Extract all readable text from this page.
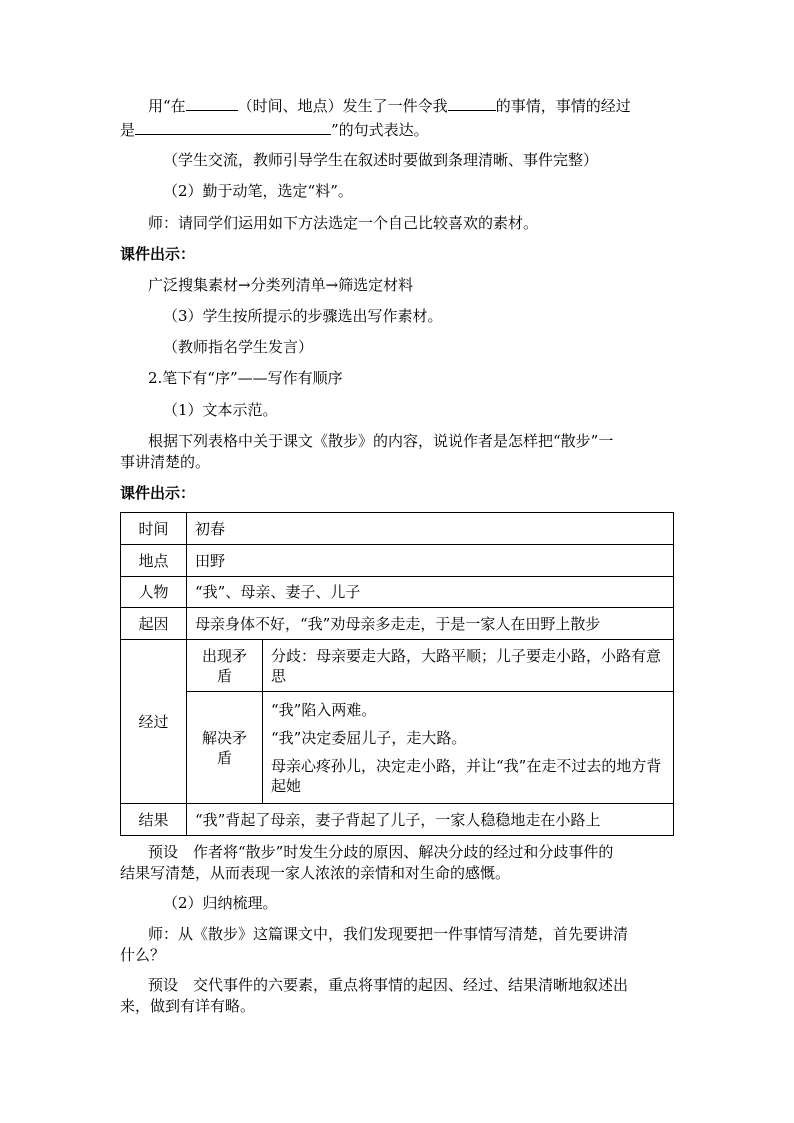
用“在	（时间、地点）发生了一件令我	的事情，事情的经过
是	”的句式表达。
（学生交流，教师引导学生在叙述时要做到条理清晰、事件完整）
（2）勤于动笔，选定“料”。
师：请同学们运用如下方法选定一个自己比较喜欢的素材。
课件出示：
广泛搜集素材→分类列清单→筛选定材料
（3）学生按所提示的步骤选出写作素材。
（教师指名学生发言）
2.笔下有“序”——写作有顺序
（1）文本示范。
根据下列表格中关于课文《散步》的内容，说说作者是怎样把“散步”一
事讲清楚的。
课件出示：
时间	初春	
地点	田野	
人物	“我”、母亲、妻子、儿子	
起因	母亲身体不好，“我”劝母亲多走走，于是一家人在田野上散步	
经过	出现矛盾	分歧：母亲要走大路，大路平顺；儿子要走小路，小路有意思

	解决矛盾	“我”陷入两难。

“我”决定委屈儿子，走大路。

母亲心疼孙儿，决定走小路，并让“我”在走不过去的地方背起她

结果	“我”背起了母亲，妻子背起了儿子，一家人稳稳地走在小路上	
预设　作者将“散步”时发生分歧的原因、解决分歧的经过和分歧事件的
结果写清楚，从而表现一家人浓浓的亲情和对生命的感慨。
（2）归纳梳理。
师：从《散步》这篇课文中，我们发现要把一件事情写清楚，首先要讲清
什么？
预设　交代事件的六要素，重点将事情的起因、经过、结果清晰地叙述出
来，做到有详有略。
